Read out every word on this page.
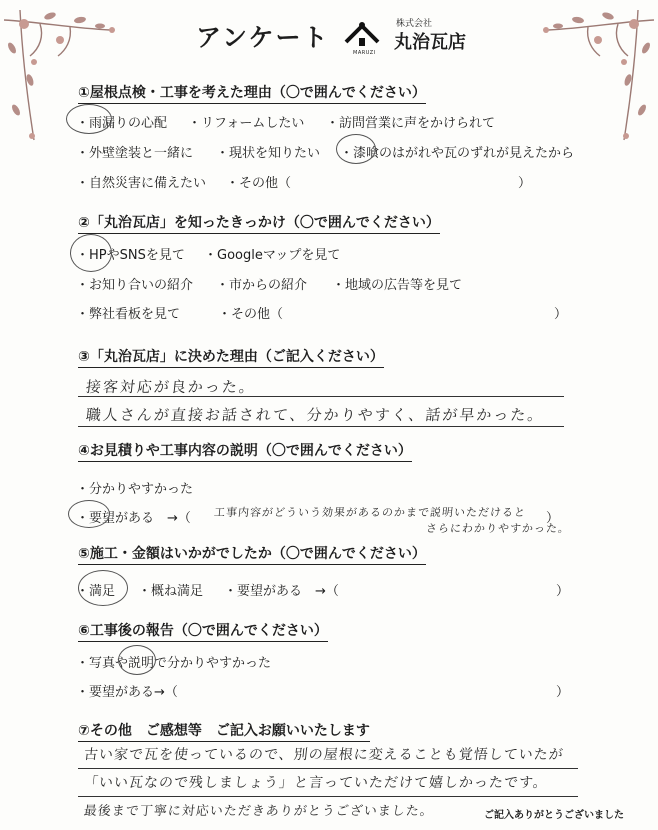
アンケート
MARUZI
株式会社
丸治瓦店
①屋根点検・工事を考えた理由（〇で囲んでください）
・雨漏りの心配 ・リフォームしたい ・訪問営業に声をかけられて
・外壁塗装と一緒に ・現状を知りたい ・漆喰のはがれや瓦のずれが見えたから
・自然災害に備えたい ・その他（	）
②「丸治瓦店」を知ったきっかけ（〇で囲んでください）
・HPやSNSを見て ・Googleマップを見て
・お知り合いの紹介 ・市からの紹介 ・地域の広告等を見て
・弊社看板を見て	・その他（	）
③「丸治瓦店」に決めた理由（ご記入ください）
接客対応が良かった。
職人さんが直接お話されて、分かりやすく、話が早かった。
④お見積りや工事内容の説明（〇で囲んでください）
・分かりやすかった
・要望がある　→（ 工事内容がどういう効果があるのかまで説明いただけると
さらにわかりやすかった。
）
⑤施工・金額はいかがでしたか（〇で囲んでください）
・満足 ・概ね満足 ・要望がある　→（	）
⑥工事後の報告（〇で囲んでください）
・写真や説明で分かりやすかった
・要望がある→（	）
⑦その他　ご感想等　ご記入お願いいたします
古い家で瓦を使っているので、別の屋根に変えることも覚悟していたが
「いい瓦なので残しましょう」と言っていただけて嬉しかったです。
最後まで丁寧に対応いただきありがとうございました。	ご記入ありがとうございました
